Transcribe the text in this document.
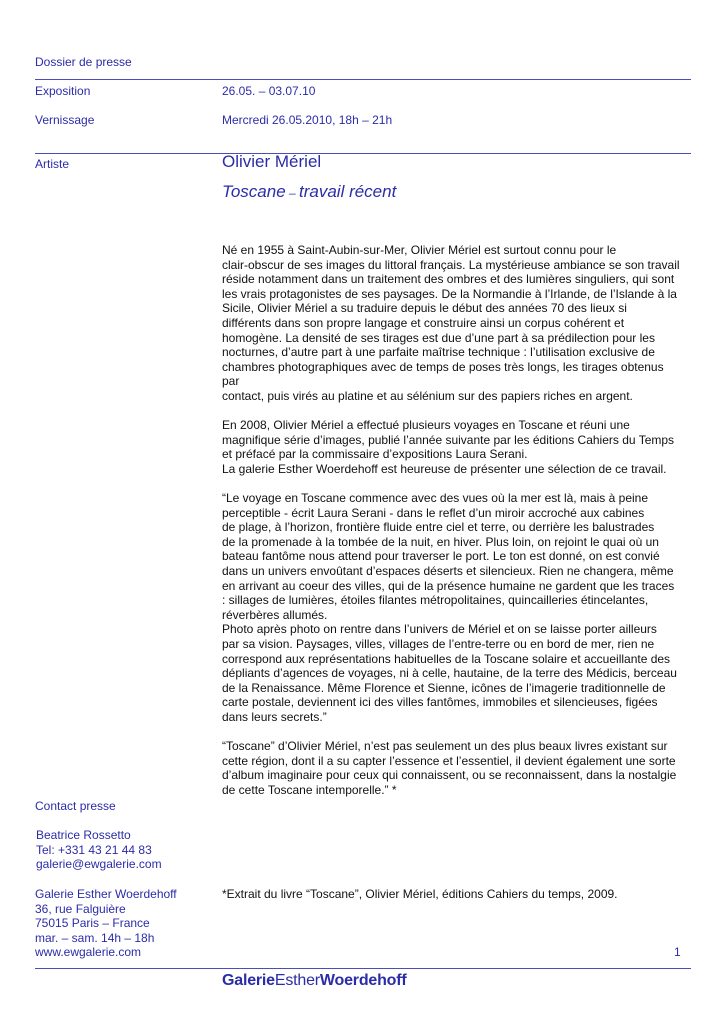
Dossier de presse
Exposition	26.05. – 03.07.10
Vernissage	Mercredi 26.05.2010, 18h – 21h
Artiste	Olivier Mériel
Toscane – travail récent

Né en 1955 à Saint-Aubin-sur-Mer, Olivier Mériel est surtout connu pour le
clair-obscur de ses images du littoral français. La mystérieuse ambiance se son travail
réside notamment dans un traitement des ombres et des lumières singuliers, qui sont
les vrais protagonistes de ses paysages. De la Normandie à l’Irlande, de l’Islande à la
Sicile, Olivier Mériel a su traduire depuis le début des années 70 des lieux si
différents dans son propre langage et construire ainsi un corpus cohérent et
homogène. La densité de ses tirages est due d’une part à sa prédilection pour les
nocturnes, d’autre part à une parfaite maîtrise technique : l’utilisation exclusive de
chambres photographiques avec de temps de poses très longs, les tirages obtenus par
contact, puis virés au platine et au sélénium sur des papiers riches en argent.

En 2008, Olivier Mériel a effectué plusieurs voyages en Toscane et réuni une
magnifique série d’images, publié l’année suivante par les éditions Cahiers du Temps
et préfacé par la commissaire d’expositions Laura Serani.
La galerie Esther Woerdehoff est heureuse de présenter une sélection de ce travail.

“Le voyage en Toscane commence avec des vues où la mer est là, mais à peine
perceptible - écrit Laura Serani - dans le reflet d’un miroir accroché aux cabines
de plage, à l’horizon, frontière fluide entre ciel et terre, ou derrière les balustrades
de la promenade à la tombée de la nuit, en hiver. Plus loin, on rejoint le quai où un
bateau fantôme nous attend pour traverser le port. Le ton est donné, on est convié
dans un univers envoûtant d’espaces déserts et silencieux. Rien ne changera, même
en arrivant au coeur des villes, qui de la présence humaine ne gardent que les traces
: sillages de lumières, étoiles filantes métropolitaines, quincailleries étincelantes,
réverbères allumés.
Photo après photo on rentre dans l’univers de Mériel et on se laisse porter ailleurs
par sa vision. Paysages, villes, villages de l’entre-terre ou en bord de mer, rien ne
correspond aux représentations habituelles de la Toscane solaire et accueillante des
dépliants d’agences de voyages, ni à celle, hautaine, de la terre des Médicis, berceau
de la Renaissance. Même Florence et Sienne, icônes de l’imagerie traditionnelle de
carte postale, deviennent ici des villes fantômes, immobiles et silencieuses, figées
dans leurs secrets.”

“Toscane” d’Olivier Mériel, n’est pas seulement un des plus beaux livres existant sur
cette région, dont il a su capter l’essence et l’essentiel, il devient également une sorte
d’album imaginaire pour ceux qui connaissent, ou se reconnaissent, dans la nostalgie
de cette Toscane intemporelle.” *

Contact presse
Beatrice Rossetto
Tel: +331 43 21 44 83
galerie@ewgalerie.com
Galerie Esther Woerdehoff
36, rue Falguière
75015 Paris – France
mar. – sam. 14h – 18h
www.ewgalerie.com
*Extrait du livre “Toscane”, Olivier Mériel, éditions Cahiers du temps, 2009.
1
GalerieEstherWoerdehoff
